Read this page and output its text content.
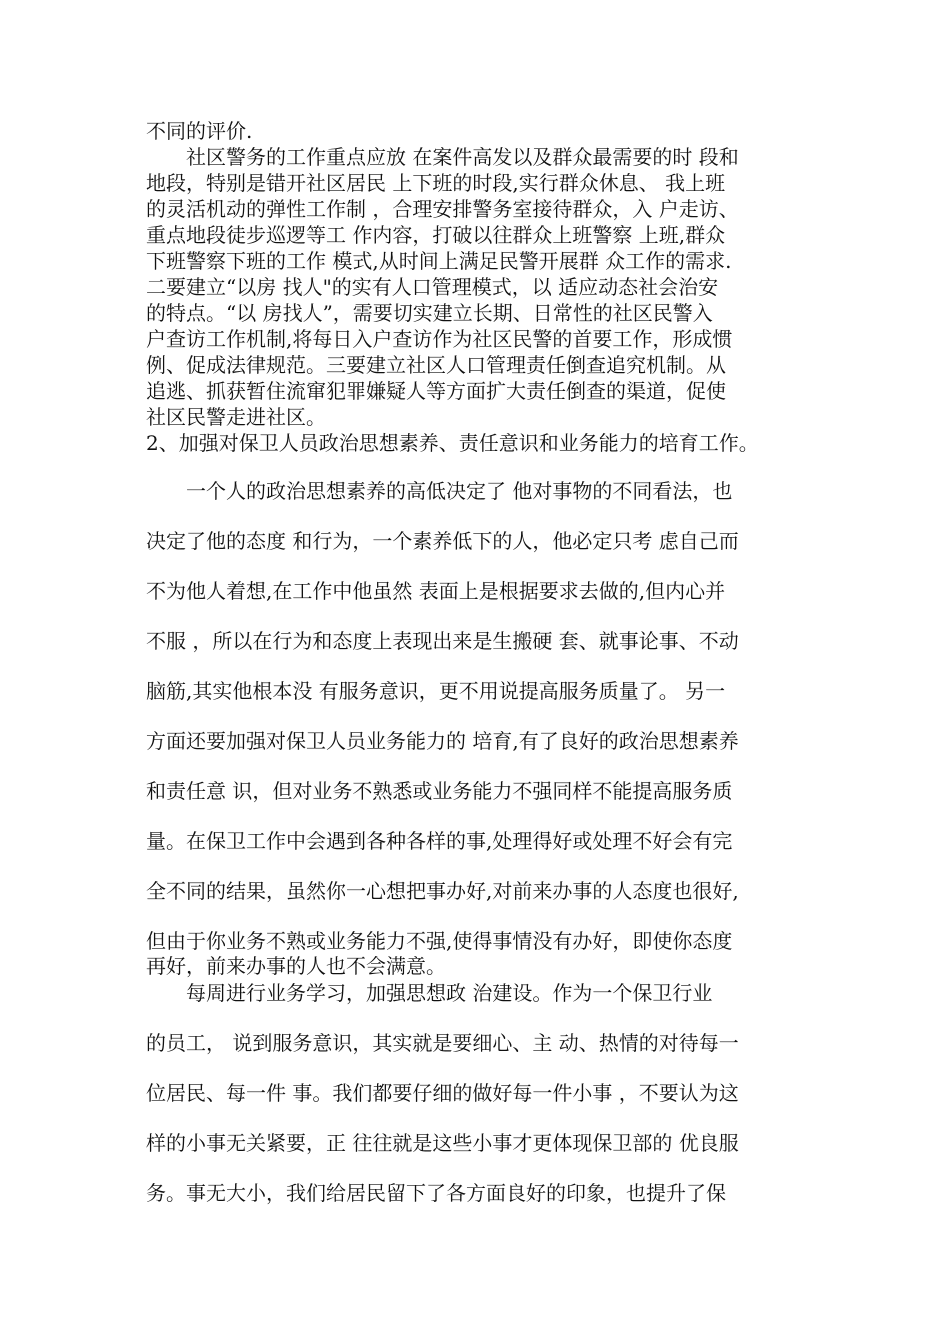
不同的评价.
社区警务的工作重点应放 在案件高发以及群众最需要的时 段和
地段，特别是错开社区居民 上下班的时段,实行群众休息、 我上班
的灵活机动的弹性工作制 ，合理安排警务室接待群众，入 户走访、
重点地段徒步巡逻等工 作内容，打破以往群众上班警察 上班,群众
下班警察下班的工作 模式,从时间上满足民警开展群 众工作的需求.
二要建立“以房 找人"的实有人口管理模式，以 适应动态社会治安
的特点。“以 房找人”，需要切实建立长期、日常性的社区民警入
户查访工作机制,将每日入户查访作为社区民警的首要工作，形成惯
例、促成法律规范。三要建立社区人口管理责任倒查追究机制。从
追逃、抓获暂住流窜犯罪嫌疑人等方面扩大责任倒查的渠道，促使
社区民警走进社区。
2、加强对保卫人员政治思想素养、责任意识和业务能力的培育工作。
一个人的政治思想素养的高低决定了 他对事物的不同看法，也
决定了他的态度 和行为，一个素养低下的人，他必定只考 虑自己而
不为他人着想,在工作中他虽然 表面上是根据要求去做的,但内心并
不服 ，所以在行为和态度上表现出来是生搬硬 套、就事论事、不动
脑筋,其实他根本没 有服务意识，更不用说提高服务质量了。 另一
方面还要加强对保卫人员业务能力的 培育,有了良好的政治思想素养
和责任意 识，但对业务不熟悉或业务能力不强同样不能提高服务质
量。在保卫工作中会遇到各种各样的事,处理得好或处理不好会有完
全不同的结果，虽然你一心想把事办好,对前来办事的人态度也很好,
但由于你业务不熟或业务能力不强,使得事情没有办好，即使你态度
再好，前来办事的人也不会满意。
每周进行业务学习，加强思想政 治建设。作为一个保卫行业
的员工， 说到服务意识，其实就是要细心、主 动、热情的对待每一
位居民、每一件 事。我们都要仔细的做好每一件小事 ，不要认为这
样的小事无关紧要，正 往往就是这些小事才更体现保卫部的 优良服
务。事无大小，我们给居民留下了各方面良好的印象，也提升了保
